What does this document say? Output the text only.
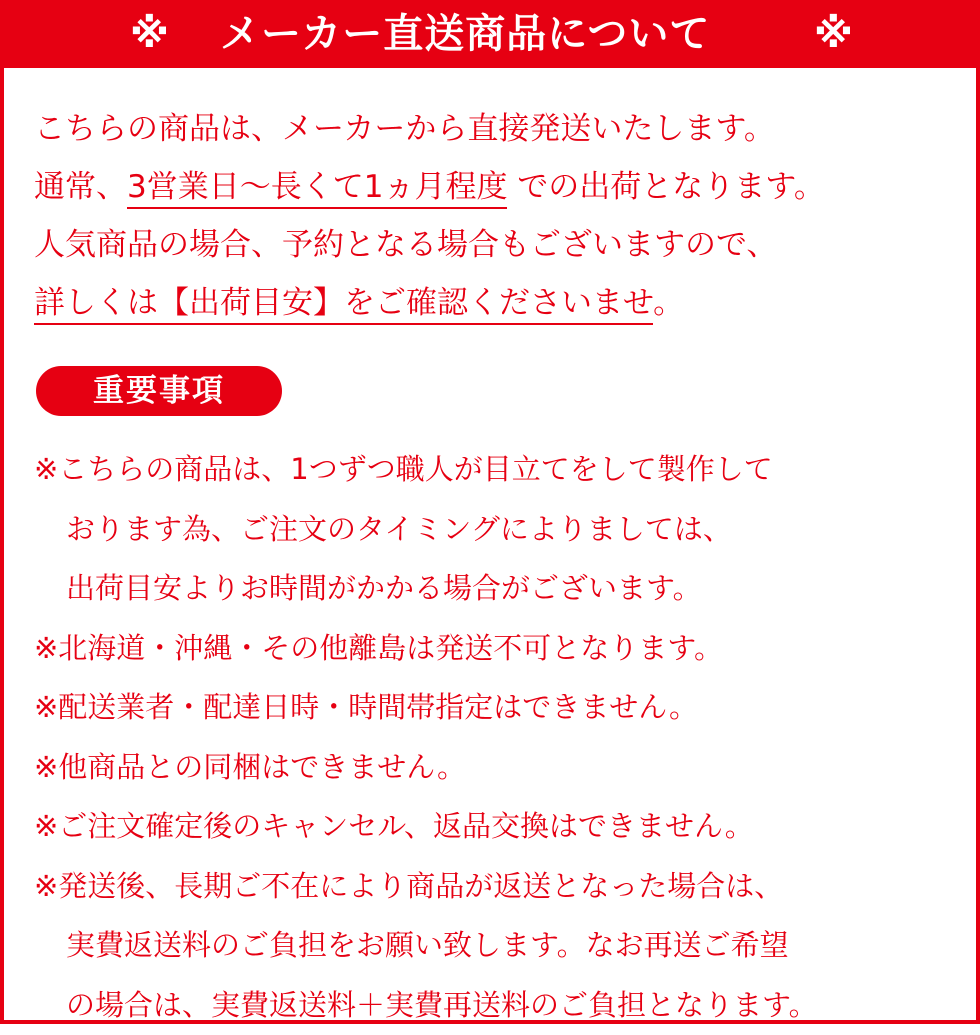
※ メーカー直送商品について	※
こちらの商品は、メーカーから直接発送いたします。
通常、3営業日〜長くて1ヵ月程度 での出荷となります。
人気商品の場合、予約となる場合もございますので、
詳しくは【出荷目安】をご確認くださいませ。
重要事項
※こちらの商品は、1つずつ職人が目立てをして製作して
おります為、ご注文のタイミングによりましては、
出荷目安よりお時間がかかる場合がございます。
※北海道・沖縄・その他離島は発送不可となります。
※配送業者・配達日時・時間帯指定はできません。
※他商品との同梱はできません。
※ご注文確定後のキャンセル、返品交換はできません。
※発送後、長期ご不在により商品が返送となった場合は、
実費返送料のご負担をお願い致します。なお再送ご希望
の場合は、実費返送料＋実費再送料のご負担となります。
